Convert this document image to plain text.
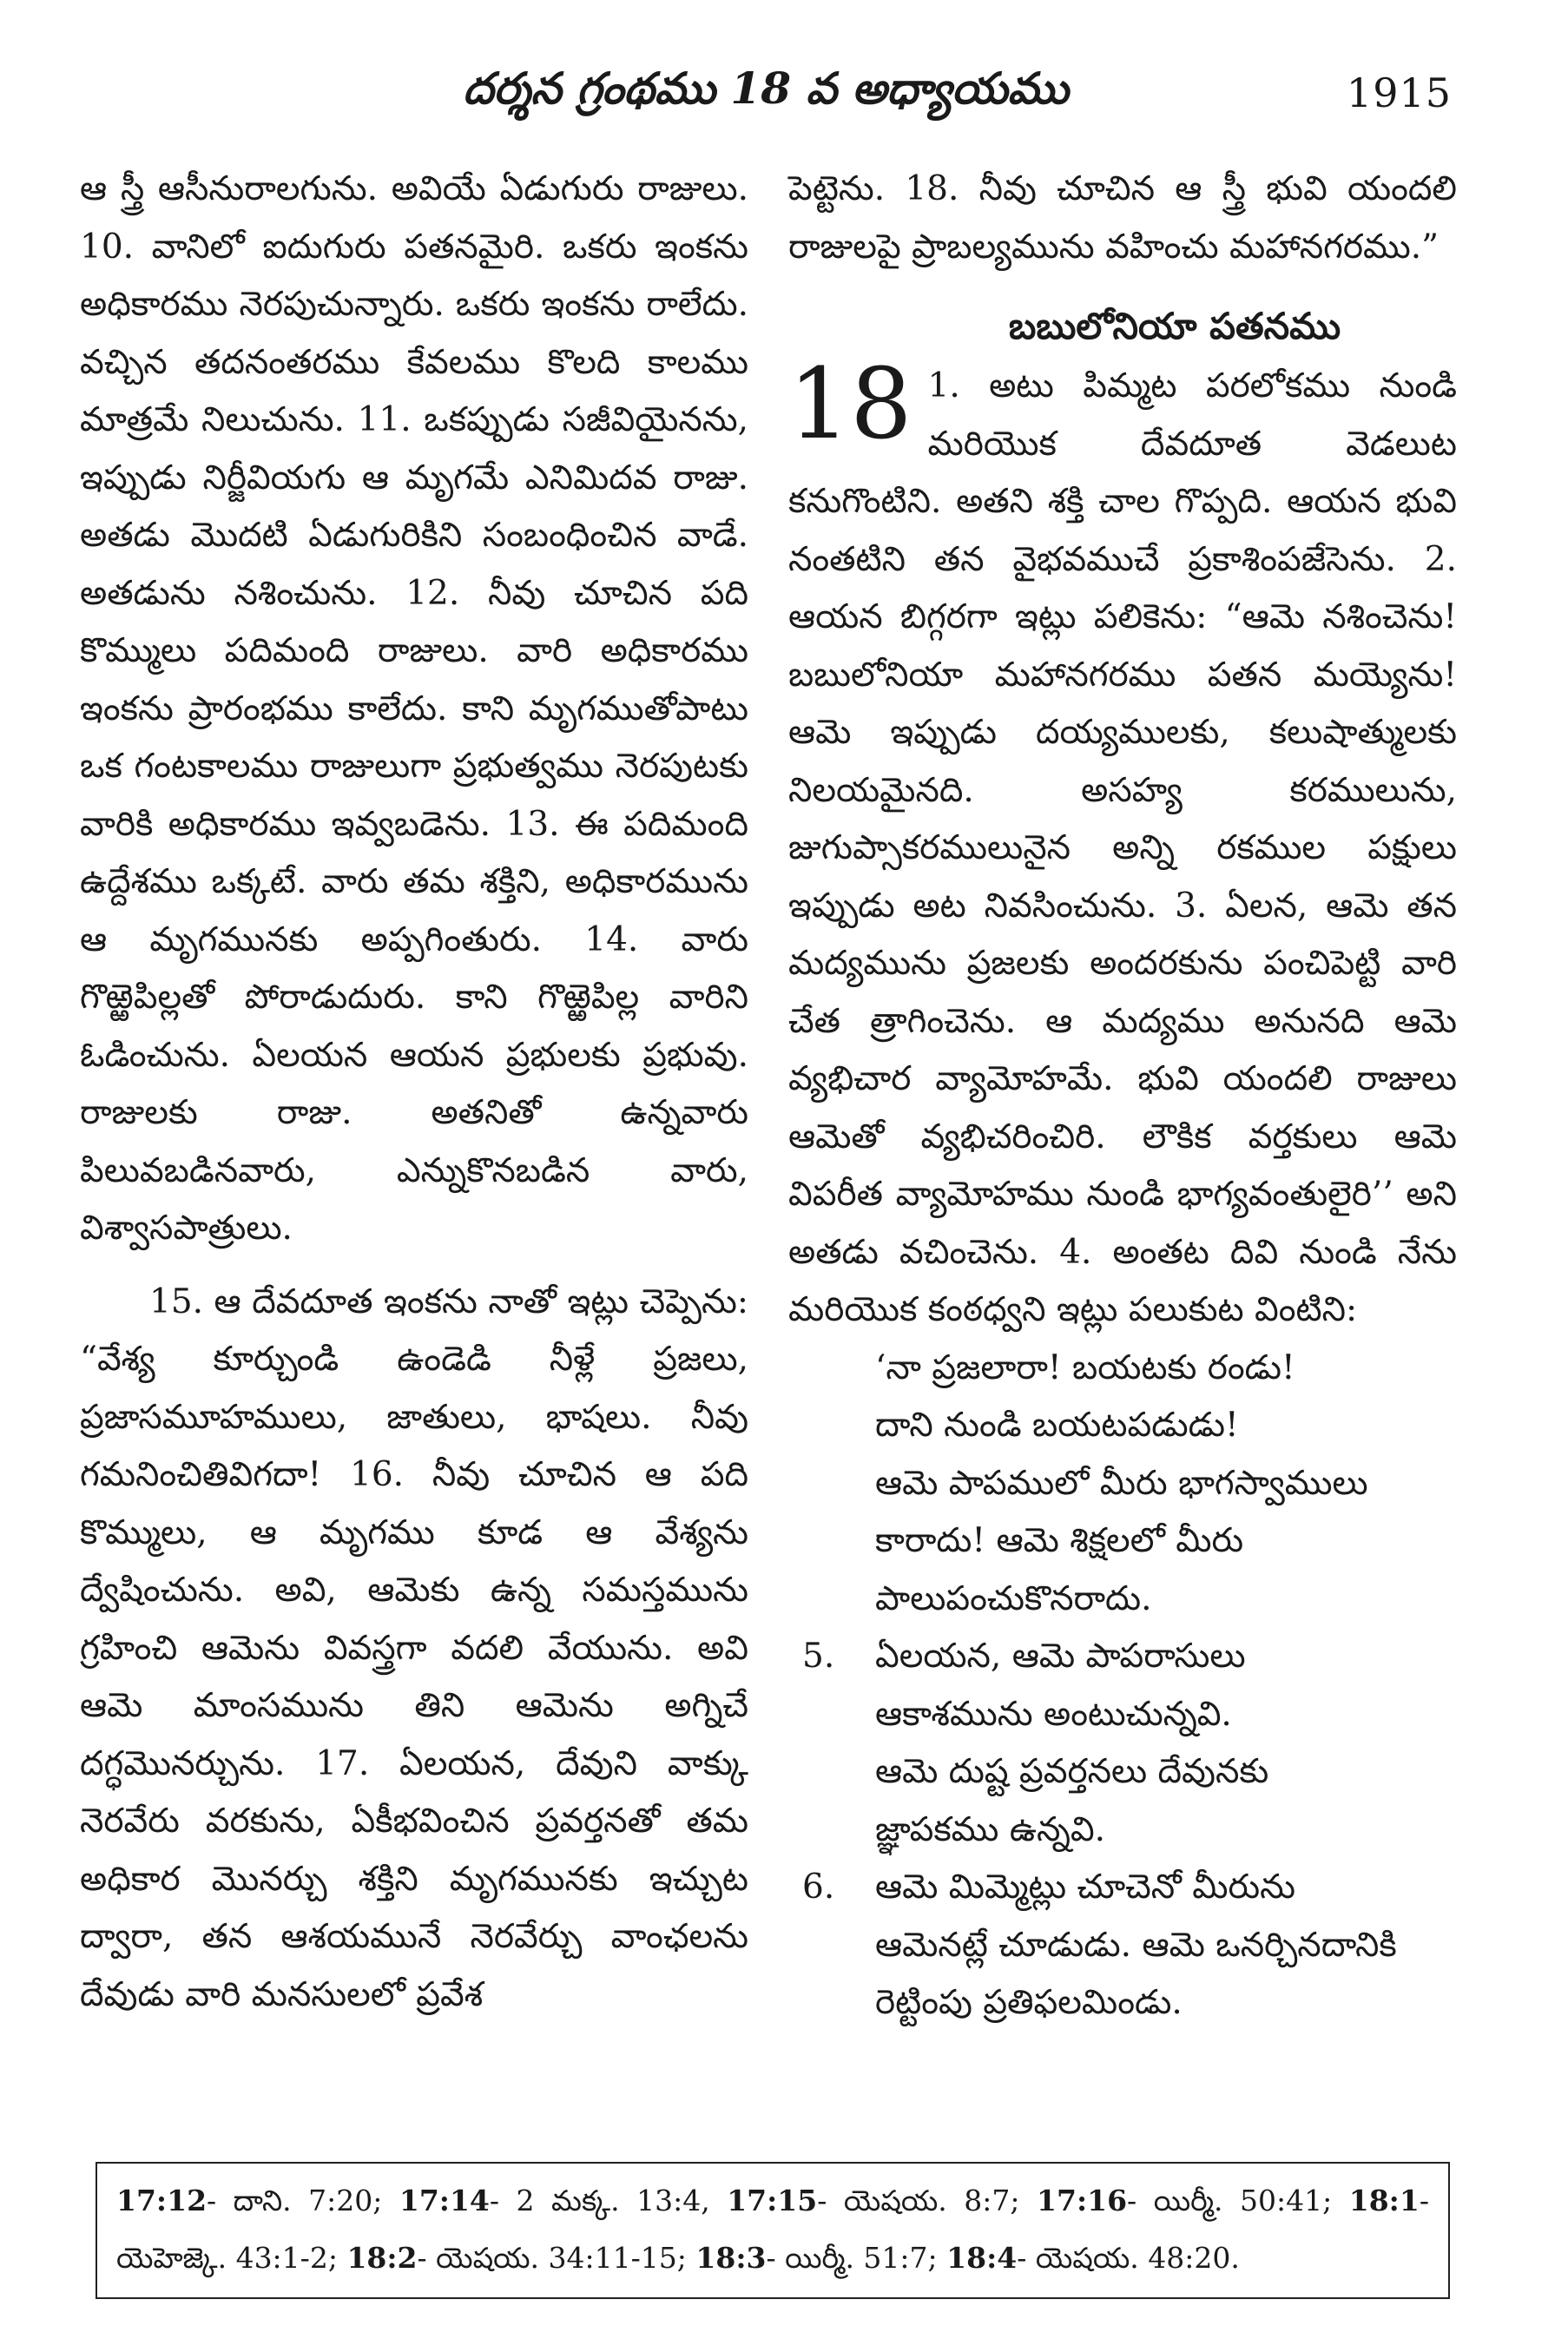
దర్శన గ్రంథము 18 వ అధ్యాయము	1915

ఆ స్త్రీ ఆసీనురాలగును. అవియే ఏడుగురు రాజులు. 10. వానిలో ఐదుగురు పతనమైరి. ఒకరు ఇంకను అధికారము నెరపుచున్నారు. ఒకరు ఇంకను రాలేదు. వచ్చిన తదనంతరము కేవలము కొలది కాలము మాత్రమే నిలుచును. 11. ఒకప్పుడు సజీవియైనను, ఇప్పుడు నిర్జీవియగు ఆ మృగమే ఎనిమిదవ రాజు. అతడు మొదటి ఏడుగురికిని సంబంధించిన వాడే. అతడును నశించును. 12. నీవు చూచిన పది కొమ్ములు పదిమంది రాజులు. వారి అధికారము ఇంకను ప్రారంభము కాలేదు. కాని మృగముతోపాటు ఒక గంటకాలము రాజులుగా ప్రభుత్వము నెరపుటకు వారికి అధికారము ఇవ్వబడెను. 13. ఈ పదిమంది ఉద్దేశము ఒక్కటే. వారు తమ శక్తిని, అధికారమును ఆ మృగమునకు అప్పగింతురు. 14. వారు గొఱ్ఱెపిల్లతో పోరాడుదురు. కాని గొఱ్ఱెపిల్ల వారిని ఓడించును. ఏలయన ఆయన ప్రభులకు ప్రభువు. రాజులకు రాజు. అతనితో ఉన్నవారు పిలువబడినవారు, ఎన్నుకొనబడిన వారు, విశ్వాసపాత్రులు.

15. ఆ దేవదూత ఇంకను నాతో ఇట్లు చెప్పెను: “వేశ్య కూర్చుండి ఉండెడి నీళ్లే ప్రజలు, ప్రజాసమూహములు, జాతులు, భాషలు. నీవు గమనించితివిగదా! 16. నీవు చూచిన ఆ పది కొమ్ములు, ఆ మృగము కూడ ఆ వేశ్యను ద్వేషించును. అవి, ఆమెకు ఉన్న సమస్తమును గ్రహించి ఆమెను వివస్త్రగా వదలి వేయును. అవి ఆమె మాంసమును తిని ఆమెను అగ్నిచే దగ్ధమొనర్చును. 17. ఏలయన, దేవుని వాక్కు నెరవేరు వరకును, ఏకీభవించిన ప్రవర్తనతో తమ అధికార మొనర్చు శక్తిని మృగమునకు ఇచ్చుట ద్వారా, తన ఆశయమునే నెరవేర్చు వాంఛలను దేవుడు వారి మనసులలో ప్రవేశ

పెట్టెను. 18. నీవు చూచిన ఆ స్త్రీ భువి యందలి రాజులపై ప్రాబల్యమును వహించు మహానగరము.”

బబులోనియా పతనము

18 1. అటు పిమ్మట పరలోకము నుండి మరియొక దేవదూత వెడలుట కనుగొంటిని. అతని శక్తి చాల గొప్పది. ఆయన భువి నంతటిని తన వైభవముచే ప్రకాశింపజేసెను. 2. ఆయన బిగ్గరగా ఇట్లు పలికెను: “ఆమె నశించెను! బబులోనియా మహానగరము పతన మయ్యెను! ఆమె ఇప్పుడు దయ్యములకు, కలుషాత్ములకు నిలయమైనది. అసహ్య కరములును, జుగుప్సాకరములునైన అన్ని రకముల పక్షులు ఇప్పుడు అట నివసించును. 3. ఏలన, ఆమె తన మద్యమును ప్రజలకు అందరకును పంచిపెట్టి వారి చేత త్రాగించెను. ఆ మద్యము అనునది ఆమె వ్యభిచార వ్యామోహమే. భువి యందలి రాజులు ఆమెతో వ్యభిచరించిరి. లౌకిక వర్తకులు ఆమె విపరీత వ్యామోహము నుండి భాగ్యవంతులైరి’’ అని అతడు వచించెను. 4. అంతట దివి నుండి నేను మరియొక కంఠధ్వని ఇట్లు పలుకుట వింటిని:
‘నా ప్రజలారా! బయటకు రండు!
దాని నుండి బయటపడుడు!
ఆమె పాపములో మీరు భాగస్వాములు
కారాదు! ఆమె శిక్షలలో మీరు
పాలుపంచుకొనరాదు.
5. ఏలయన, ఆమె పాపరాసులు
ఆకాశమును అంటుచున్నవి.
ఆమె దుష్ట ప్రవర్తనలు దేవునకు
జ్ఞాపకము ఉన్నవి.
6. ఆమె మిమ్మెట్లు చూచెనో మీరును
ఆమెనట్లే చూడుడు. ఆమె ఒనర్చినదానికి
రెట్టింపు ప్రతిఫలమిండు.
17:12- దాని. 7:20; 17:14- 2 మక్క. 13:4, 17:15- యెషయ. 8:7; 17:16- యిర్మీ. 50:41; 18:1- యెహెజ్కె. 43:1-2; 18:2- యెషయ. 34:11-15; 18:3- యిర్మీ. 51:7; 18:4- యెషయ. 48:20.
